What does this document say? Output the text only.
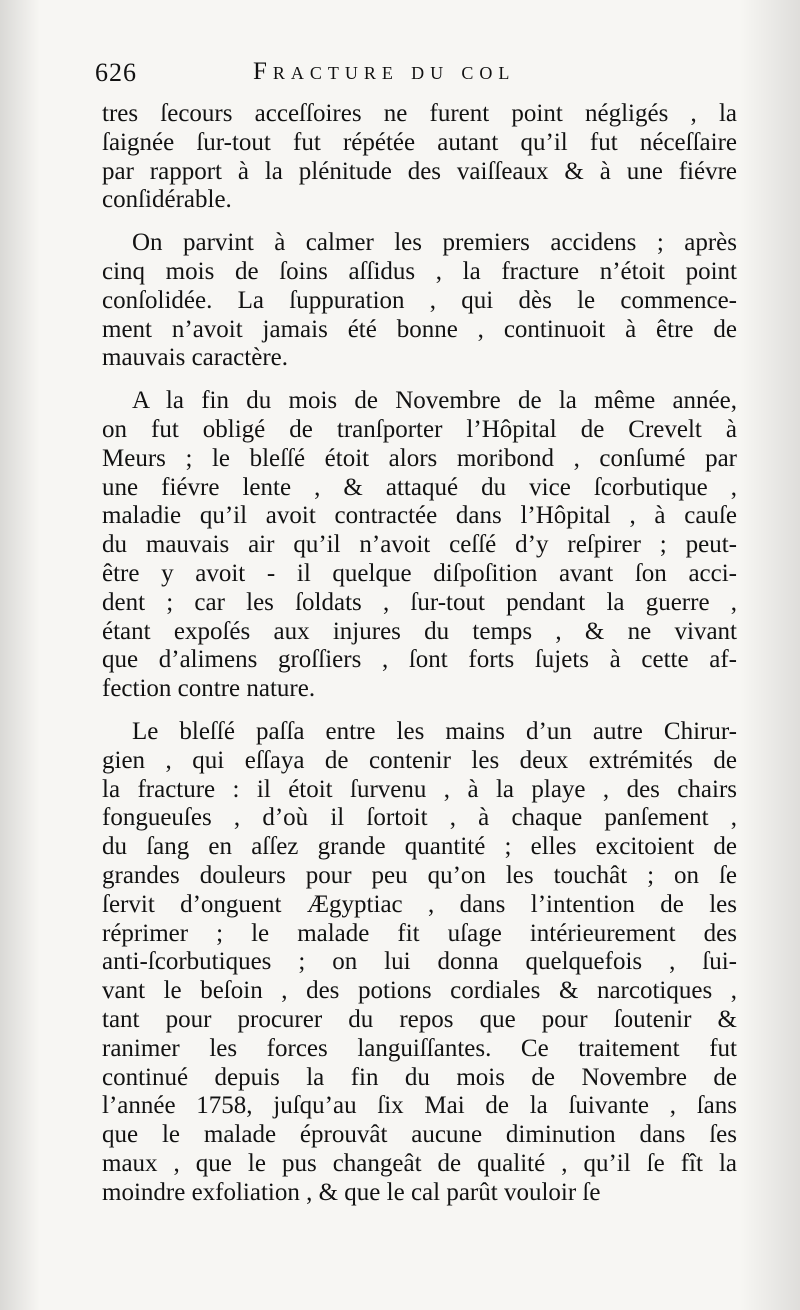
626	Fracture du col
tres ſecours acceſſoires ne furent point négligés , la
ſaignée ſur-tout fut répétée autant qu’il fut néceſſaire
par rapport à la plénitude des vaiſſeaux & à une fiévre
conſidérable.
On parvint à calmer les premiers accidens ; après
cinq mois de ſoins aſſidus , la fracture n’étoit point
conſolidée. La ſuppuration , qui dès le commence-
ment n’avoit jamais été bonne , continuoit à être de
mauvais caractère.
A la fin du mois de Novembre de la même année,
on fut obligé de tranſporter l’Hôpital de Crevelt à
Meurs ; le bleſſé étoit alors moribond , conſumé par
une fiévre lente , & attaqué du vice ſcorbutique ,
maladie qu’il avoit contractée dans l’Hôpital , à cauſe
du mauvais air qu’il n’avoit ceſſé d’y reſpirer ; peut-
être y avoit - il quelque diſpoſition avant ſon acci-
dent ; car les ſoldats , ſur-tout pendant la guerre ,
étant expoſés aux injures du temps , & ne vivant
que d’alimens groſſiers , ſont forts ſujets à cette af-
fection contre nature.
Le bleſſé paſſa entre les mains d’un autre Chirur-
gien , qui eſſaya de contenir les deux extrémités de
la fracture : il étoit ſurvenu , à la playe , des chairs
fongueuſes , d’où il ſortoit , à chaque panſement ,
du ſang en aſſez grande quantité ; elles excitoient de
grandes douleurs pour peu qu’on les touchât ; on ſe
ſervit d’onguent Ægyptiac , dans l’intention de les
réprimer ; le malade fit uſage intérieurement des
anti-ſcorbutiques ; on lui donna quelquefois , ſui-
vant le beſoin , des potions cordiales & narcotiques ,
tant pour procurer du repos que pour ſoutenir &
ranimer les forces languiſſantes. Ce traitement fut
continué depuis la fin du mois de Novembre de
l’année 1758, juſqu’au ſix Mai de la ſuivante , ſans
que le malade éprouvât aucune diminution dans ſes
maux , que le pus changeât de qualité , qu’il ſe fît la
moindre exfoliation , & que le cal parût vouloir ſe
